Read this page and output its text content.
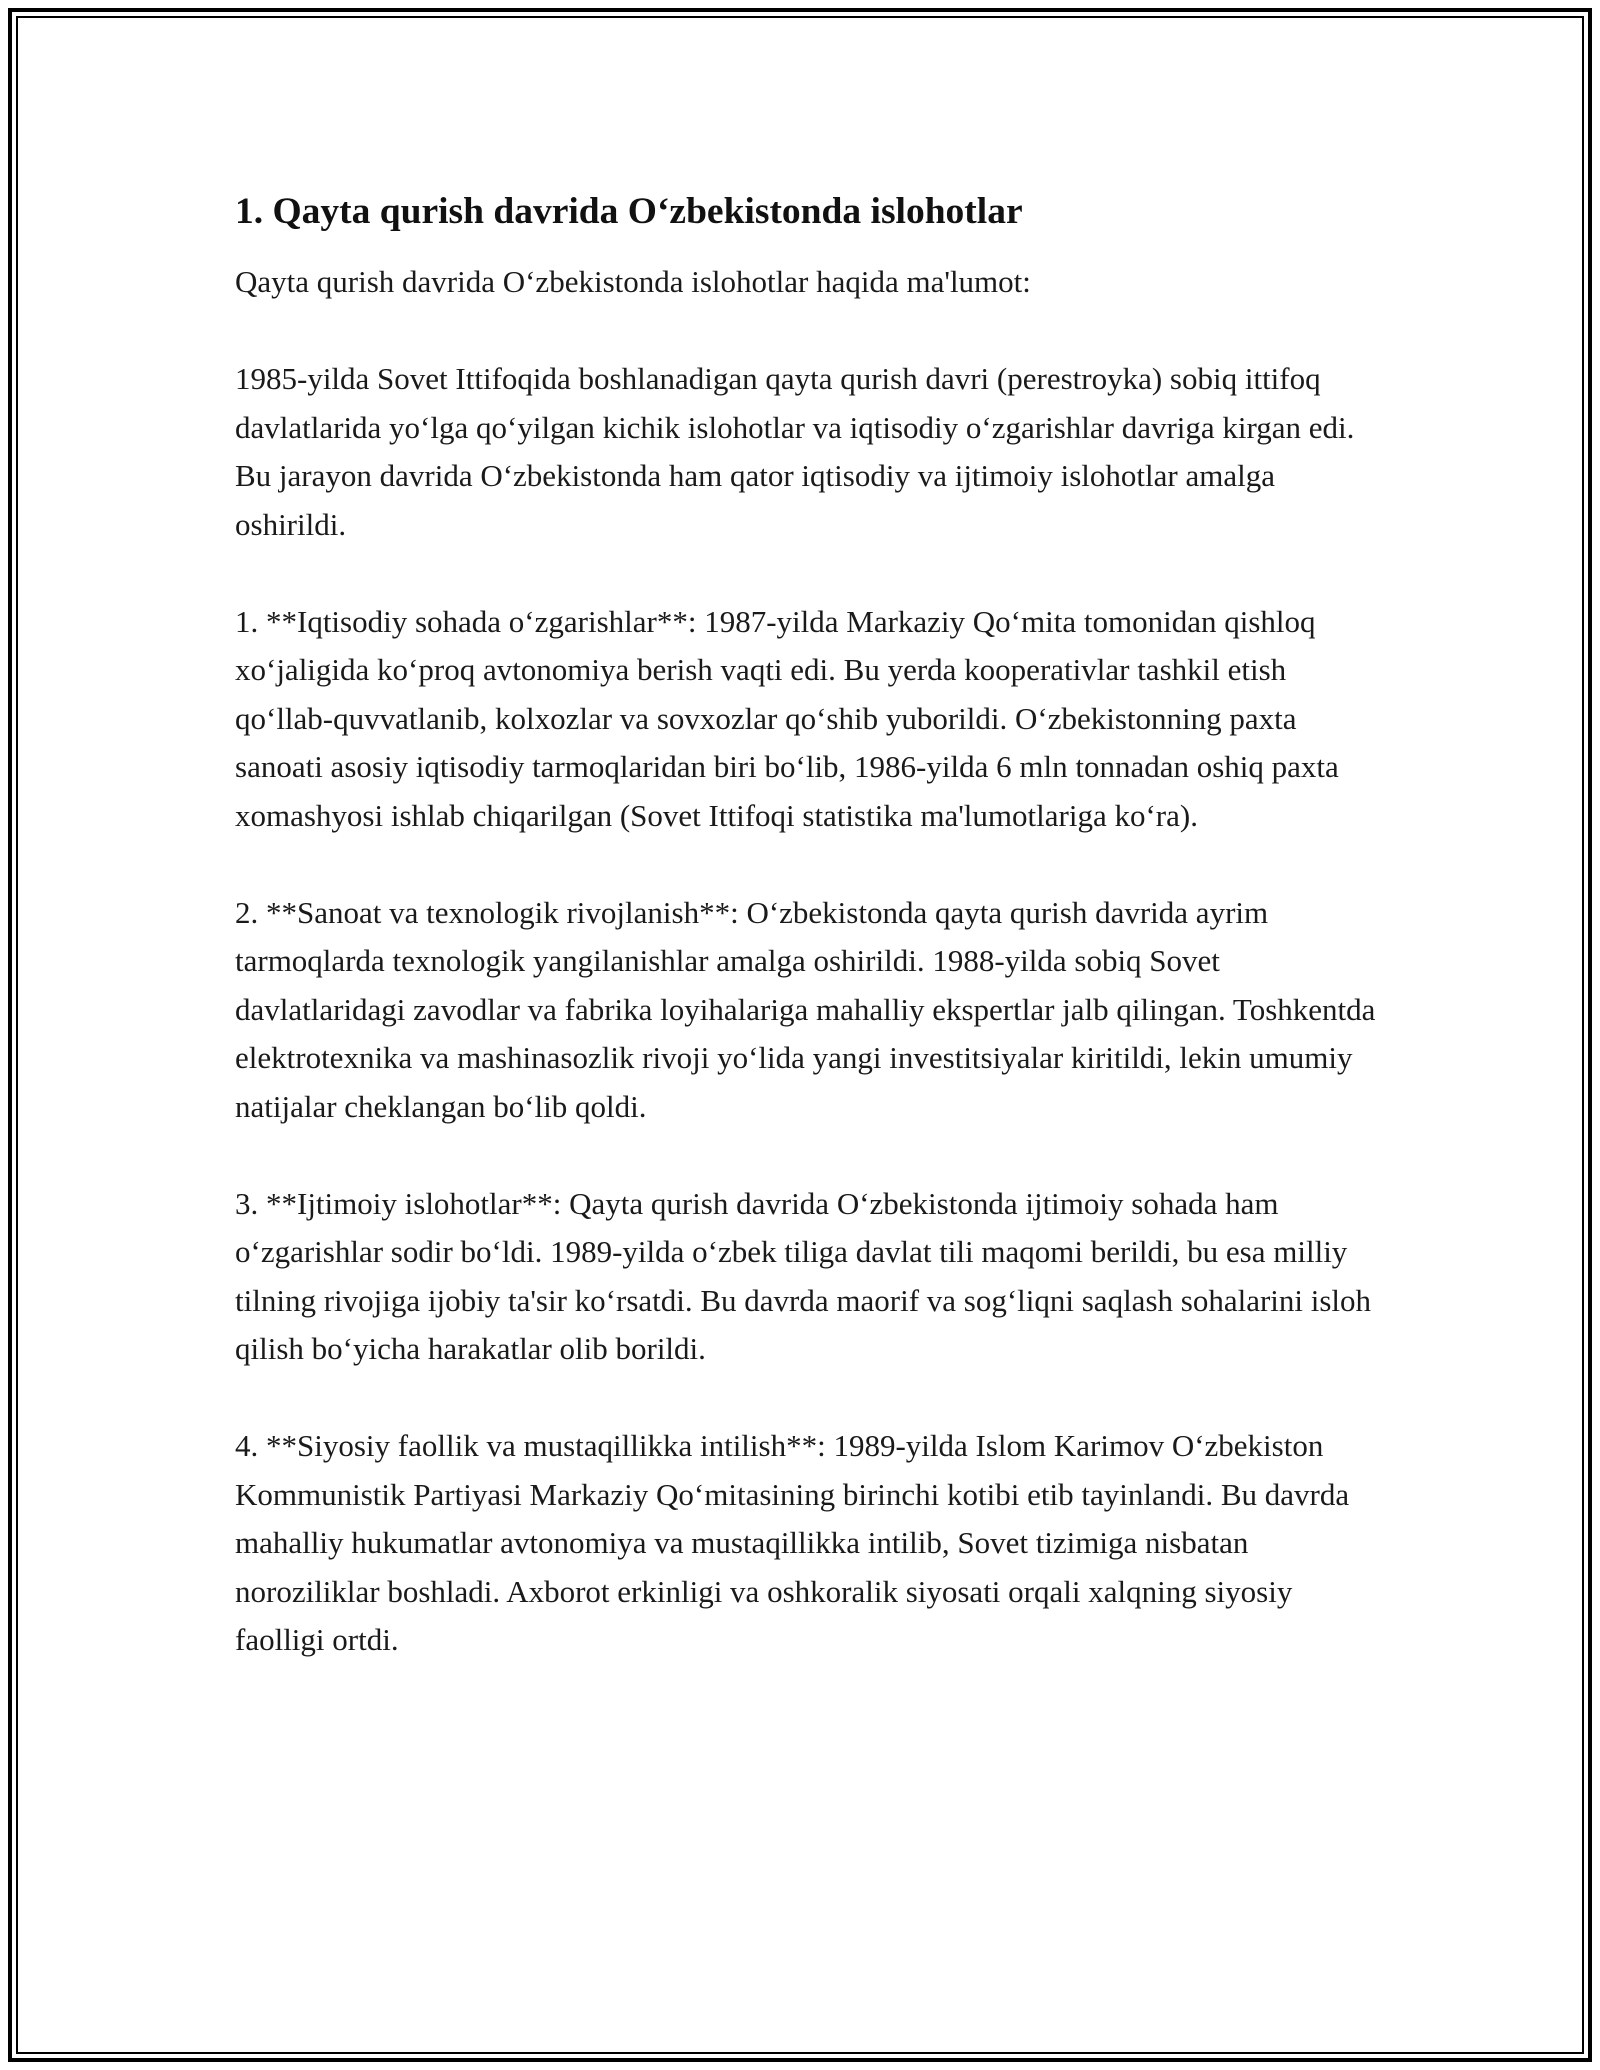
1. Qayta qurish davrida O‘zbekistonda islohotlar

Qayta qurish davrida O‘zbekistonda islohotlar haqida ma'lumot:

1985-yilda Sovet Ittifoqida boshlanadigan qayta qurish davri (perestroyka) sobiq ittifoq davlatlarida yo‘lga qo‘yilgan kichik islohotlar va iqtisodiy o‘zgarishlar davriga kirgan edi. Bu jarayon davrida O‘zbekistonda ham qator iqtisodiy va ijtimoiy islohotlar amalga oshirildi.

1. **Iqtisodiy sohada o‘zgarishlar**: 1987-yilda Markaziy Qo‘mita tomonidan qishloq xo‘jaligida ko‘proq avtonomiya berish vaqti edi. Bu yerda kooperativlar tashkil etish qo‘llab-quvvatlanib, kolxozlar va sovxozlar qo‘shib yuborildi. O‘zbekistonning paxta sanoati asosiy iqtisodiy tarmoqlaridan biri bo‘lib, 1986-yilda 6 mln tonnadan oshiq paxta xomashyosi ishlab chiqarilgan (Sovet Ittifoqi statistika ma'lumotlariga ko‘ra).

2. **Sanoat va texnologik rivojlanish**: O‘zbekistonda qayta qurish davrida ayrim tarmoqlarda texnologik yangilanishlar amalga oshirildi. 1988-yilda sobiq Sovet davlatlaridagi zavodlar va fabrika loyihalariga mahalliy ekspertlar jalb qilingan. Toshkentda elektrotexnika va mashinasozlik rivoji yo‘lida yangi investitsiyalar kiritildi, lekin umumiy natijalar cheklangan bo‘lib qoldi.

3. **Ijtimoiy islohotlar**: Qayta qurish davrida O‘zbekistonda ijtimoiy sohada ham o‘zgarishlar sodir bo‘ldi. 1989-yilda o‘zbek tiliga davlat tili maqomi berildi, bu esa milliy tilning rivojiga ijobiy ta'sir ko‘rsatdi. Bu davrda maorif va sog‘liqni saqlash sohalarini isloh qilish bo‘yicha harakatlar olib borildi.

4. **Siyosiy faollik va mustaqillikka intilish**: 1989-yilda Islom Karimov O‘zbekiston Kommunistik Partiyasi Markaziy Qo‘mitasining birinchi kotibi etib tayinlandi. Bu davrda mahalliy hukumatlar avtonomiya va mustaqillikka intilib, Sovet tizimiga nisbatan noroziliklar boshladi. Axborot erkinligi va oshkoralik siyosati orqali xalqning siyosiy faolligi ortdi.
